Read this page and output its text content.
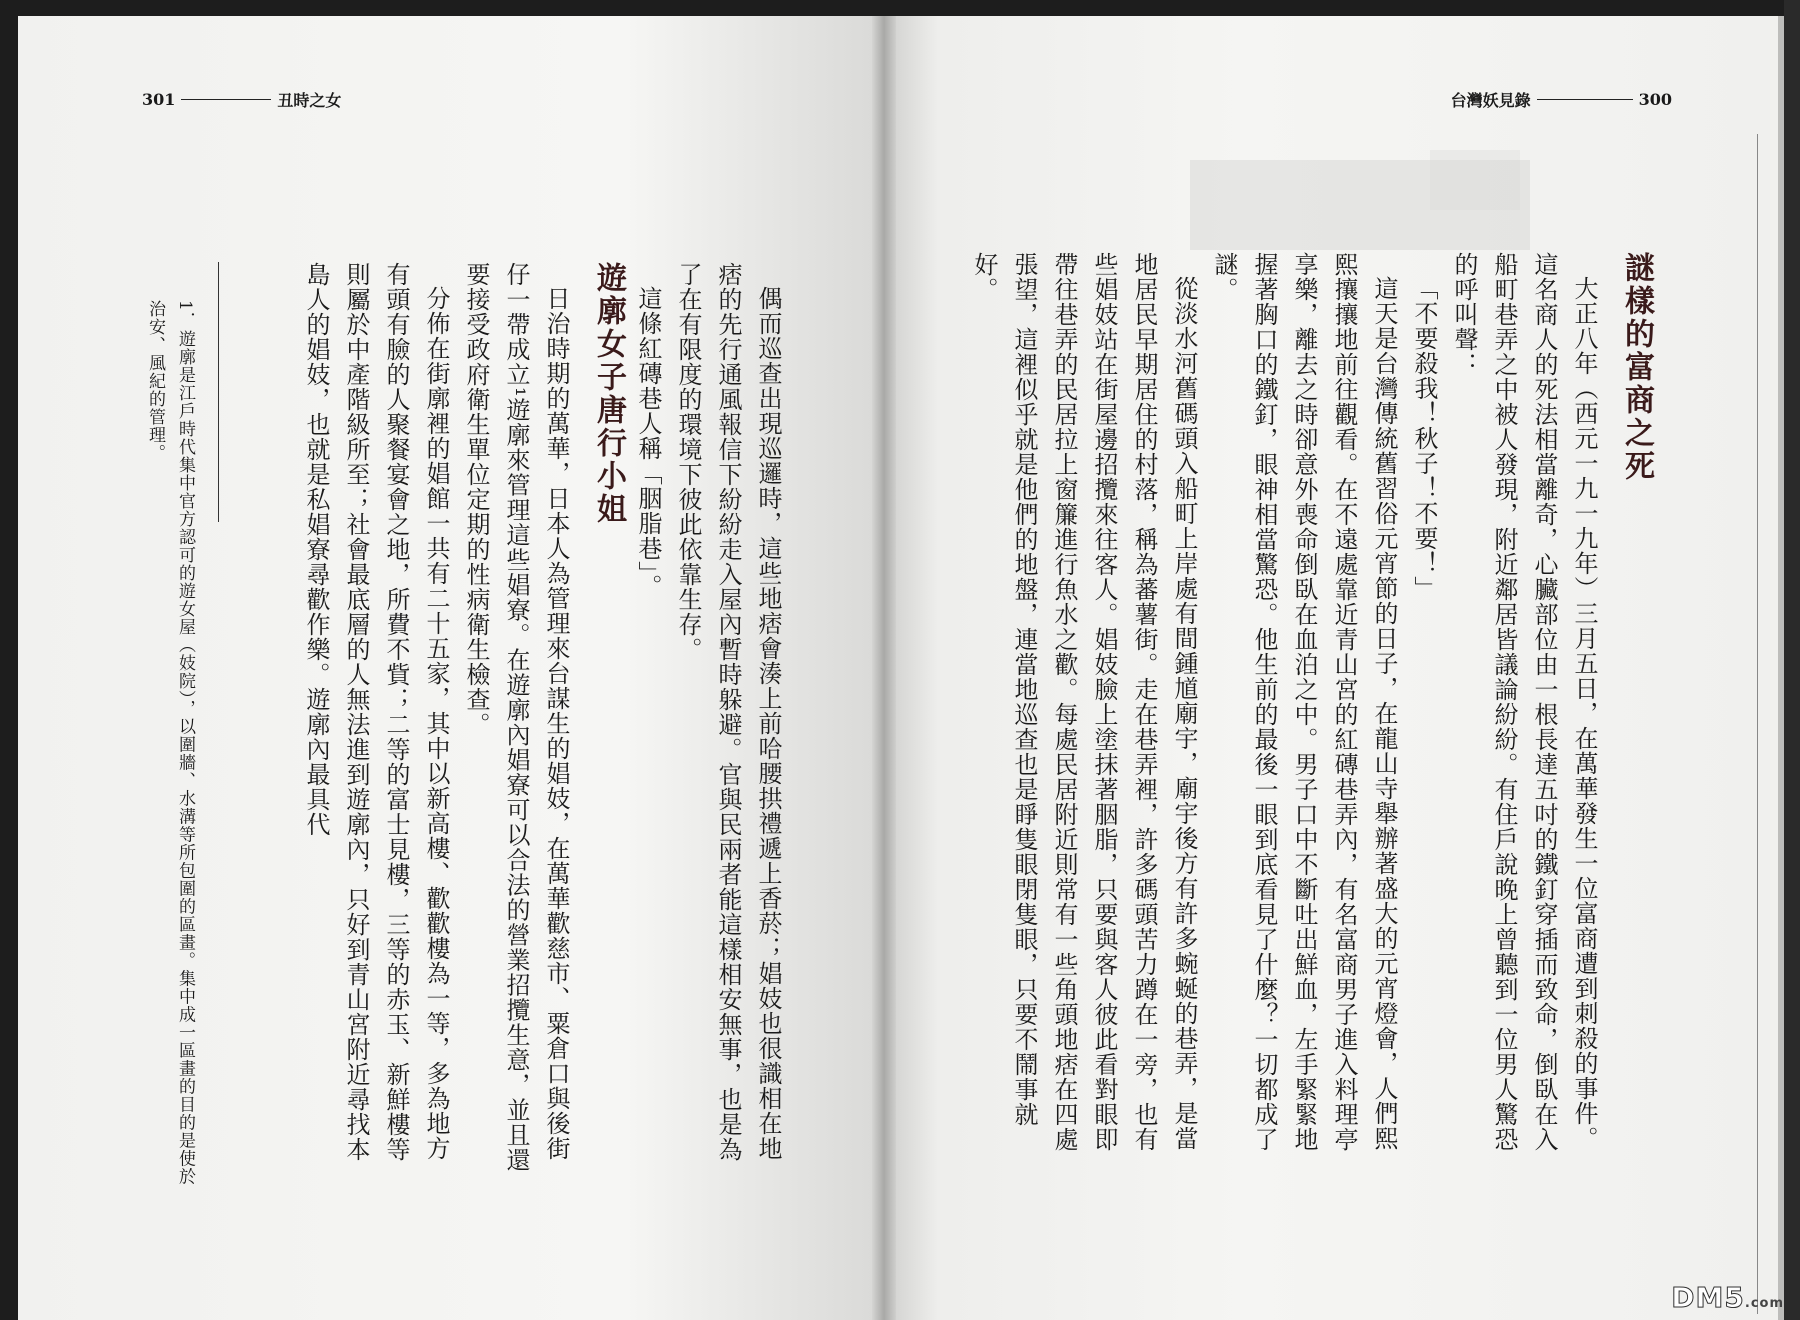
301	丑時之女	台灣妖見錄	300

偶而巡查出現巡邏時，這些地痞會湊上前哈腰拱禮遞上香菸；娼妓也很識相在地痞的先行通風報信下紛紛走入屋內暫時躲避。官與民兩者能這樣相安無事，也是為了在有限度的環境下彼此依靠生存。

這條紅磚巷人稱「胭脂巷」。

遊廓女子唐行小姐

日治時期的萬華，日本人為管理來台謀生的娼妓，在萬華歡慈市、粟倉口與後街仔一帶成立¹遊廓來管理這些娼寮。在遊廓內娼寮可以合法的營業招攬生意，並且還要接受政府衛生單位定期的性病衛生檢查。

分佈在街廓裡的娼館一共有二十五家，其中以新高樓、歡歡樓為一等，多為地方有頭有臉的人聚餐宴會之地，所費不貲；二等的富士見樓，三等的赤玉、新鮮樓等則屬於中產階級所至；社會最底層的人無法進到遊廓內，只好到青山宮附近尋找本島人的娼妓，也就是私娼寮尋歡作樂。遊廓內最具代

1．遊廓是江戶時代集中官方認可的遊女屋（妓院），以圍牆、水溝等所包圍的區畫。集中成一區畫的目的是使於治安、風紀的管理。	謎樣的富商之死

大正八年（西元一九一九年）三月五日，在萬華發生一位富商遭到刺殺的事件。這名商人的死法相當離奇，心臟部位由一根長達五吋的鐵釘穿插而致命，倒臥在入船町巷弄之中被人發現，附近鄰居皆議論紛紛。有住戶說晚上曾聽到一位男人驚恐的呼叫聲：

「不要殺我！秋子！不要！」

這天是台灣傳統舊習俗元宵節的日子，在龍山寺舉辦著盛大的元宵燈會，人們熙熙攘攘地前往觀看。在不遠處靠近青山宮的紅磚巷弄內，有名富商男子進入料理亭享樂，離去之時卻意外喪命倒臥在血泊之中。男子口中不斷吐出鮮血，左手緊緊地握著胸口的鐵釘，眼神相當驚恐。他生前的最後一眼到底看見了什麼？一切都成了謎。

從淡水河舊碼頭入船町上岸處有間鍾馗廟宇，廟宇後方有許多蜿蜒的巷弄，是當地居民早期居住的村落，稱為蕃薯街。走在巷弄裡，許多碼頭苦力蹲在一旁，也有些娼妓站在街屋邊招攬來往客人。娼妓臉上塗抹著胭脂，只要與客人彼此看對眼即帶往巷弄的民居拉上窗簾進行魚水之歡。每處民居附近則常有一些角頭地痞在四處張望，這裡似乎就是他們的地盤，連當地巡查也是睜隻眼閉隻眼，只要不鬧事就好。

DM5.com
